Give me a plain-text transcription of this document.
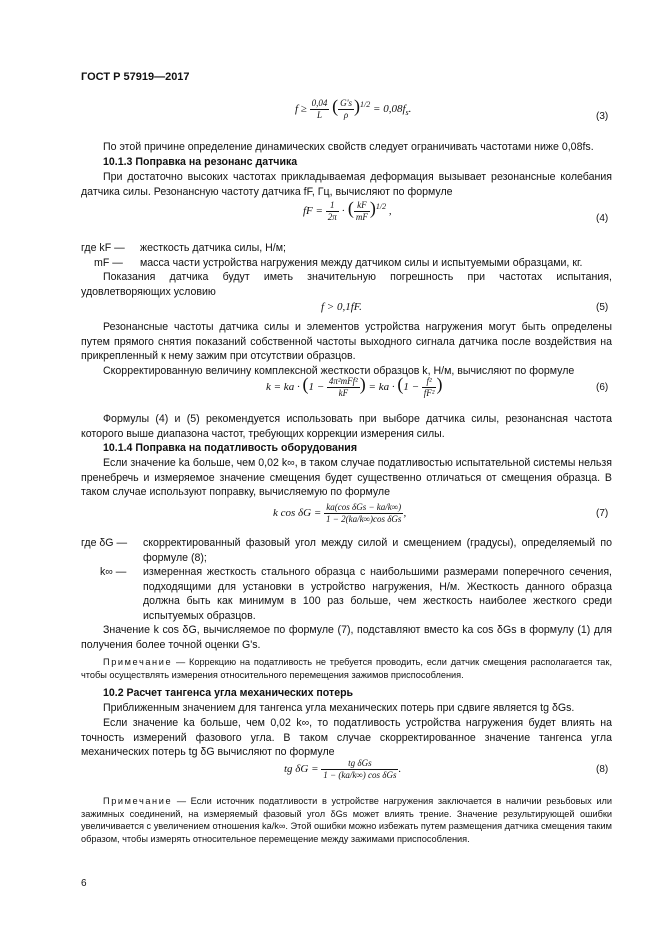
ГОСТ Р 57919—2017
$f \ge \frac{0,04}{L}$ ( $\frac{G's}{\rho} )^{1/2} = 0,08f_s$.
(3)
По этой причине определение динамических свойств следует ограничивать частотами ниже 0,08fs.
10.1.3 Поправка на резонанс датчика
При достаточно высоких частотах прикладываемая деформация вызывает резонансные колебания датчика силы. Резонансную частоту датчика fF, Гц, вычисляют по формуле
fF = $\frac{1}{2\pi}$ · ( $\frac{kF}{mF} )^{1/2}$ ,
(4)
где kF — жесткость датчика силы, Н/м;
mF — масса части устройства нагружения между датчиком силы и испытуемыми образцами, кг.
Показания датчика будут иметь значительную погрешность при частотах испытания, удовлетворяющих условию
f > 0,1fF.	(5)
Резонансные частоты датчика силы и элементов устройства нагружения могут быть определены путем прямого снятия показаний собственной частоты выходного сигнала датчика после воздействия на прикрепленный к нему зажим при отсутствии образцов.
Скорректированную величину комплексной жесткости образцов k, Н/м, вычисляют по формуле
k = ka · ($1 - \frac{\text{4π²mFf²}}{kF}$ ) = ka · ($1 - \frac{\text{f²}}{\text{fF²}}$ )	(6)
Формулы (4) и (5) рекомендуется использовать при выборе датчика силы, резонансная частота которого выше диапазона частот, требующих коррекции измерения силы.
10.1.4 Поправка на податливость оборудования
Если значение ka больше, чем 0,02 k∞, в таком случае податливостью испытательной системы нельзя пренебречь и измеряемое значение смещения будет существенно отличаться от смещения образца. В таком случае используют поправку, вычисляемую по формуле
k $\cos \delta G = \frac{\text{ka(cos δGs − ka/k∞)}}{\text{1 − 2(ka/k∞)cos δGs}}$ ,	(7)
где δG — скорректированный фазовый угол между силой и смещением (градусы), определяемый по формуле (8);
k∞ — измеренная жесткость стального образца с наибольшими размерами поперечного сечения, подходящими для установки в устройство нагружения, Н/м. Жесткость данного образца должна быть как минимум в 100 раз больше, чем жесткость наиболее жесткого среди испытуемых образцов.
Значение k cos δG, вычисляемое по формуле (7), подставляют вместо ka cos δGs в формулу (1) для получения более точной оценки G's.
Примечание — Коррекцию на податливость не требуется проводить, если датчик смещения располагается так, чтобы осуществлять измерения относительного перемещения зажимов приспособления.
10.2 Расчет тангенса угла механических потерь
Приближенным значением для тангенса угла механических потерь при сдвиге является tg δGs.
Если значение ka больше, чем 0,02 k∞, то податливость устройства нагружения будет влиять на точность измерений фазового угла. В таком случае скорректированное значение тангенса угла механических потерь tg δG вычисляют по формуле
tg $\delta G = \frac{\text{tg δGs}}{\text{1 − (ka/k∞) cos δGs}}$ .	(8)
Примечание — Если источник податливости в устройстве нагружения заключается в наличии резьбовых или зажимных соединений, на измеряемый фазовый угол δGs может влиять трение. Значение результирующей ошибки увеличивается с увеличением отношения ka/k∞. Этой ошибки можно избежать путем размещения датчика смещения таким образом, чтобы измерять относительное перемещение между зажимами приспособления.
6
